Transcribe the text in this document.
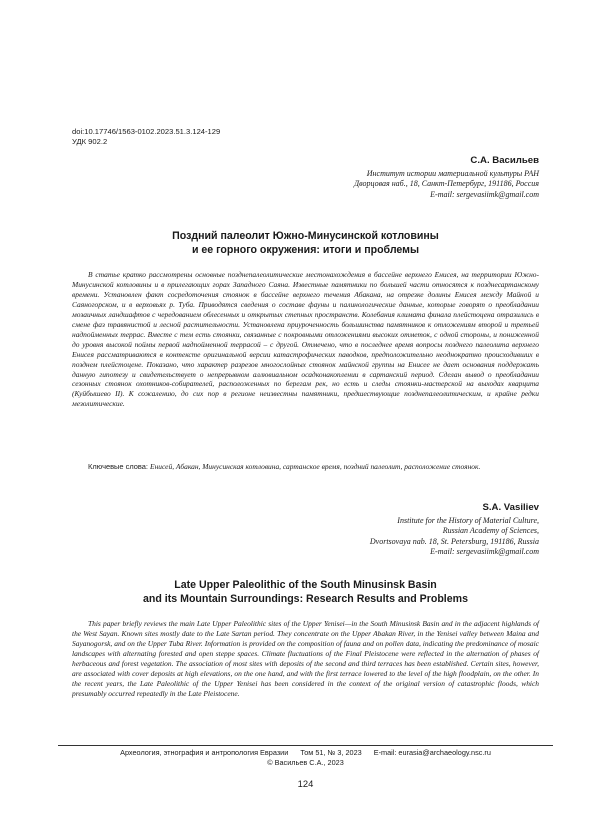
doi:10.17746/1563-0102.2023.51.3.124-129
УДК 902.2
С.А. Васильев
Институт истории материальной культуры РАН
Дворцовая наб., 18, Санкт-Петербург, 191186, Россия
E-mail: sergevasiimk@gmail.com
Поздний палеолит Южно-Минусинской котловины
и ее горного окружения: итоги и проблемы

В статье кратко рассмотрены основные позднепалеолитические местонахождения в бассейне верхнего Енисея, на территории Южно-Минусинской котловины и в прилегающих горах Западного Саяна. Известные памятники по большей части относятся к позднесартанскому времени. Установлен факт сосредоточения стоянок в бассейне верхнего течения Абакана, на отрезке долины Енисея между Майной и Саяногорском, и в верховьях р. Туба. Приводятся сведения о составе фауны и палинологические данные, которые говорят о преобладании мозаичных ландшафтов с чередованием облесенных и открытых степных пространств. Колебания климата финала плейстоцена отразились в смене фаз травянистой и лесной растительности. Установлена приуроченность большинства памятников к отложениям второй и третьей надпойменных террас. Вместе с тем есть стоянки, связанные с покровными отложениями высоких отметок, с одной стороны, и пониженной до уровня высокой поймы первой надпойменной террасой – с другой. Отмечено, что в последнее время вопросы позднего палеолита верхнего Енисея рассматриваются в контексте оригинальной версии катастрофических паводков, предположительно неоднократно происходивших в позднем плейстоцене. Показано, что характер разрезов многослойных стоянок майнской группы на Енисее не дает основания поддержать данную гипотезу и свидетельствует о непрерывном аллювиальном осадконакоплении в сартанский период. Сделан вывод о преобладании сезонных стоянок охотников-собирателей, расположенных по берегам рек, но есть и следы стоянки-мастерской на выходах кварцита (Куйбышево II). К сожалению, до сих пор в регионе неизвестны памятники, предшествующие позднепалеолитическим, и крайне редки мезолитические.

Ключевые слова: Енисей, Абакан, Минусинская котловина, сартанское время, поздний палеолит, расположение стоянок.
S.A. Vasiliev
Institute for the History of Material Culture,
Russian Academy of Sciences,
Dvortsovaya nab. 18, St. Petersburg, 191186, Russia
E-mail: sergevasiimk@gmail.com
Late Upper Paleolithic of the South Minusinsk Basin
and its Mountain Surroundings: Research Results and Problems

This paper briefly reviews the main Late Upper Paleolithic sites of the Upper Yenisei—in the South Minusinsk Basin and in the adjacent highlands of the West Sayan. Known sites mostly date to the Late Sartan period. They concentrate on the Upper Abakan River, in the Yenisei valley between Maina and Sayanogorsk, and on the Upper Tuba River. Information is provided on the composition of fauna and on pollen data, indicating the predominance of mosaic landscapes with alternating forested and open steppe spaces. Climate fluctuations of the Final Pleistocene were reflected in the alternation of phases of herbaceous and forest vegetation. The association of most sites with deposits of the second and third terraces has been established. Certain sites, however, are associated with cover deposits at high elevations, on the one hand, and with the first terrace lowered to the level of the high floodplain, on the other. In the recent years, the Late Paleolithic of the Upper Yenisei has been considered in the context of the original version of catastrophic floods, which presumably occurred repeatedly in the Late Pleistocene.

Археология, этнография и антропология Евразии Том 51, № 3, 2023 E-mail: eurasia@archaeology.nsc.ru
© Васильев С.А., 2023
124
